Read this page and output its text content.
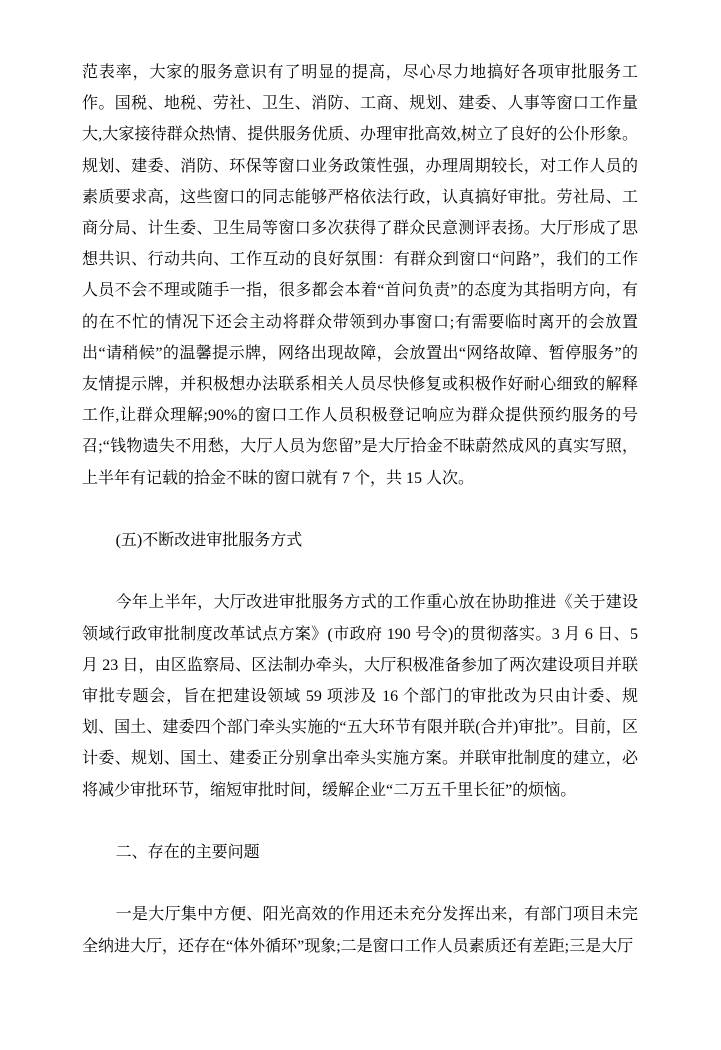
范表率，大家的服务意识有了明显的提高，尽心尽力地搞好各项审批服务工作。国税、地税、劳社、卫生、消防、工商、规划、建委、人事等窗口工作量大,大家接待群众热情、提供服务优质、办理审批高效,树立了良好的公仆形象。规划、建委、消防、环保等窗口业务政策性强，办理周期较长，对工作人员的素质要求高，这些窗口的同志能够严格依法行政，认真搞好审批。劳社局、工商分局、计生委、卫生局等窗口多次获得了群众民意测评表扬。大厅形成了思想共识、行动共向、工作互动的良好氛围：有群众到窗口“问路”，我们的工作人员不会不理或随手一指，很多都会本着“首问负责”的态度为其指明方向，有的在不忙的情况下还会主动将群众带领到办事窗口;有需要临时离开的会放置出“请稍候”的温馨提示牌，网络出现故障，会放置出“网络故障、暂停服务”的友情提示牌，并积极想办法联系相关人员尽快修复或积极作好耐心细致的解释工作,让群众理解;90%的窗口工作人员积极登记响应为群众提供预约服务的号召;“钱物遗失不用愁，大厅人员为您留”是大厅拾金不昧蔚然成风的真实写照，上半年有记载的拾金不昧的窗口就有 7 个，共 15 人次。

(五)不断改进审批服务方式

今年上半年，大厅改进审批服务方式的工作重心放在协助推进《关于建设领域行政审批制度改革试点方案》(市政府 190 号令)的贯彻落实。3 月 6 日、5 月 23 日，由区监察局、区法制办牵头，大厅积极准备参加了两次建设项目并联审批专题会，旨在把建设领域 59 项涉及 16 个部门的审批改为只由计委、规划、国土、建委四个部门牵头实施的“五大环节有限并联(合并)审批”。目前，区计委、规划、国土、建委正分别拿出牵头实施方案。并联审批制度的建立，必将减少审批环节，缩短审批时间，缓解企业“二万五千里长征”的烦恼。

二、存在的主要问题

一是大厅集中方便、阳光高效的作用还未充分发挥出来，有部门项目未完全纳进大厅，还存在“体外循环”现象;二是窗口工作人员素质还有差距;三是大厅
